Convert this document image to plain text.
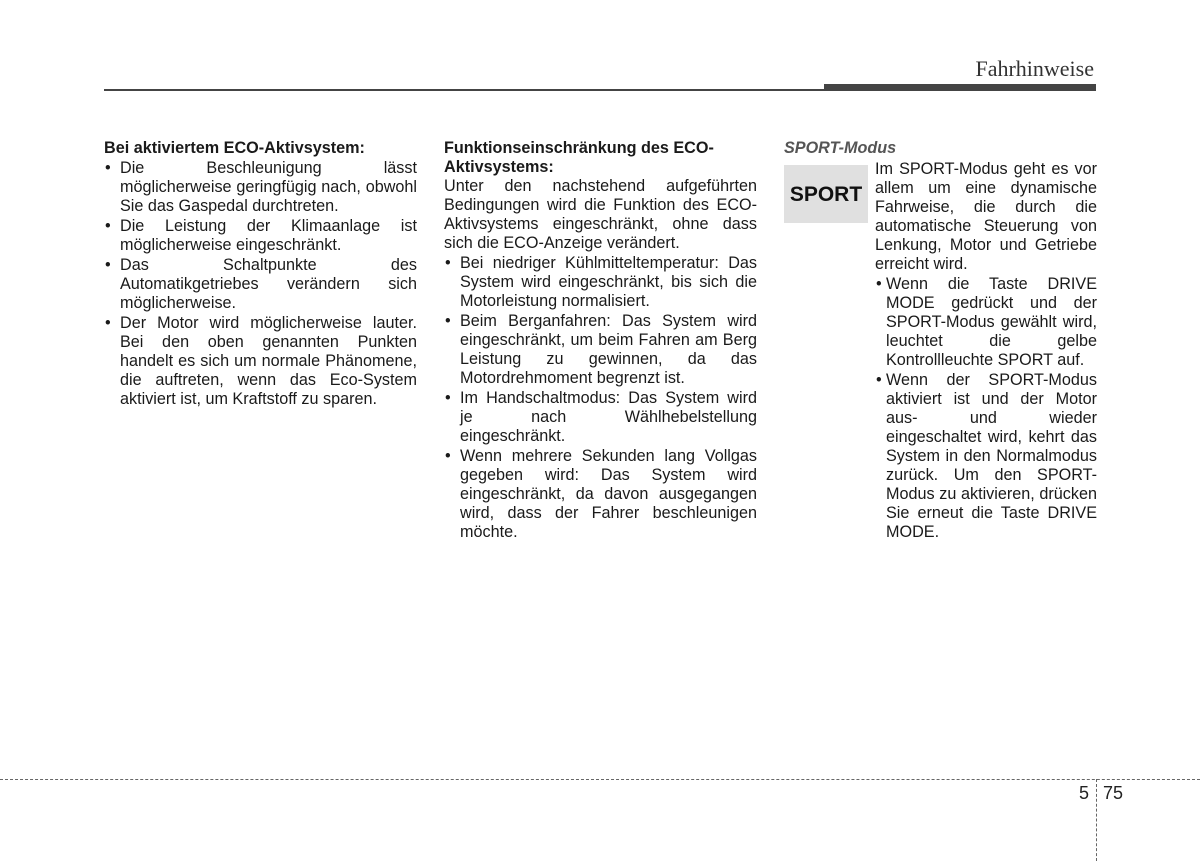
Fahrhinweise

Bei aktiviertem ECO-Aktivsystem:

• Die Beschleunigung lässt möglicherweise geringfügig nach, obwohl Sie das Gaspedal durchtreten.
• Die Leistung der Klimaanlage ist möglicherweise eingeschränkt.
• Das Schaltpunkte des Automatikgetriebes verändern sich möglicherweise.
• Der Motor wird möglicherweise lauter. Bei den oben genannten Punkten handelt es sich um normale Phänomene, die auftreten, wenn das Eco-System aktiviert ist, um Kraftstoff zu sparen.

Funktionseinschränkung des ECO-Aktivsystems:

Unter den nachstehend aufgeführten Bedingungen wird die Funktion des ECO-Aktivsystems eingeschränkt, ohne dass sich die ECO-Anzeige verändert.

• Bei niedriger Kühlmitteltemperatur: Das System wird eingeschränkt, bis sich die Motorleistung normalisiert.
• Beim Berganfahren: Das System wird eingeschränkt, um beim Fahren am Berg Leistung zu gewinnen, da das Motordrehmoment begrenzt ist.
• Im Handschaltmodus: Das System wird je nach Wählhebelstellung eingeschränkt.
• Wenn mehrere Sekunden lang Vollgas gegeben wird: Das System wird eingeschränkt, da davon ausgegangen wird, dass der Fahrer beschleunigen möchte.

SPORT-Modus

SPORT

Im SPORT-Modus geht es vor allem um eine dynamische Fahrweise, die durch die automatische Steuerung von Lenkung, Motor und Getriebe erreicht wird.

• Wenn die Taste DRIVE MODE gedrückt und der SPORT-Modus gewählt wird, leuchtet die gelbe Kontrollleuchte SPORT auf.
• Wenn der SPORT-Modus aktiviert ist und der Motor aus- und wieder eingeschaltet wird, kehrt das System in den Normalmodus zurück. Um den SPORT-Modus zu aktivieren, drücken Sie erneut die Taste DRIVE MODE.
5 75
